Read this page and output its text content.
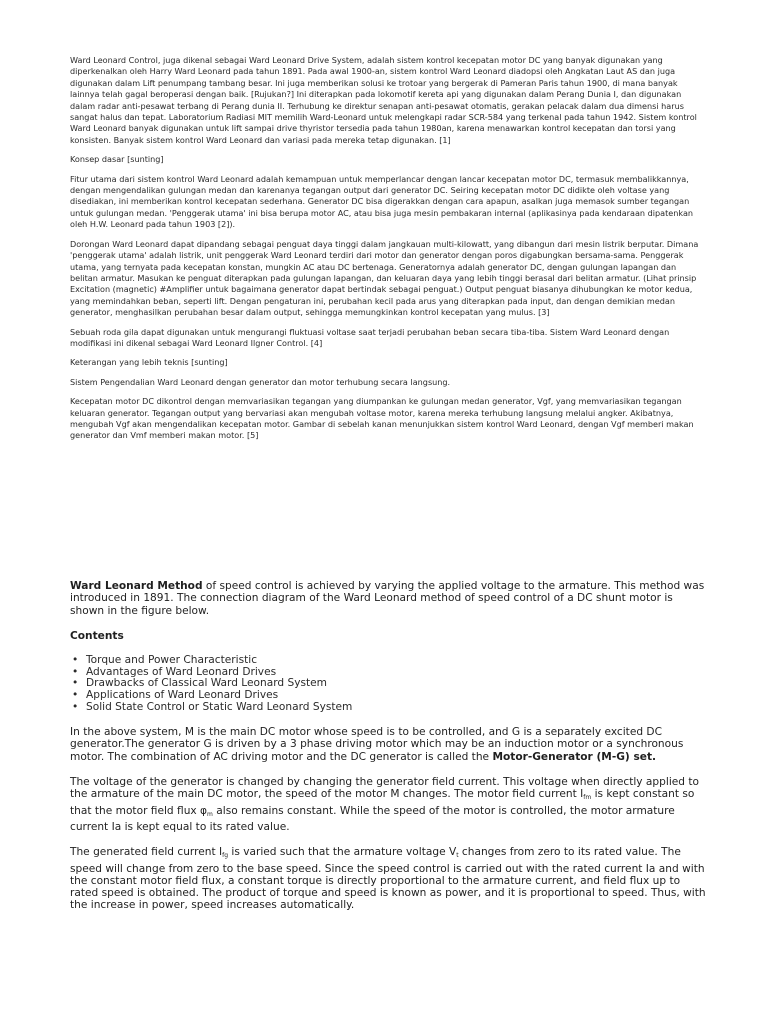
Ward Leonard Control, juga dikenal sebagai Ward Leonard Drive System, adalah sistem kontrol kecepatan motor DC yang banyak digunakan yang diperkenalkan oleh Harry Ward Leonard pada tahun 1891. Pada awal 1900-an, sistem kontrol Ward Leonard diadopsi oleh Angkatan Laut AS dan juga digunakan dalam Lift penumpang tambang besar. Ini juga memberikan solusi ke trotoar yang bergerak di Pameran Paris tahun 1900, di mana banyak lainnya telah gagal beroperasi dengan baik. [Rujukan?] Ini diterapkan pada lokomotif kereta api yang digunakan dalam Perang Dunia I, dan digunakan dalam radar anti-pesawat terbang di Perang dunia II. Terhubung ke direktur senapan anti-pesawat otomatis, gerakan pelacak dalam dua dimensi harus sangat halus dan tepat. Laboratorium Radiasi MIT memilih Ward-Leonard untuk melengkapi radar SCR-584 yang terkenal pada tahun 1942. Sistem kontrol Ward Leonard banyak digunakan untuk lift sampai drive thyristor tersedia pada tahun 1980an, karena menawarkan kontrol kecepatan dan torsi yang konsisten. Banyak sistem kontrol Ward Leonard dan variasi pada mereka tetap digunakan. [1]

Konsep dasar [sunting]

Fitur utama dari sistem kontrol Ward Leonard adalah kemampuan untuk memperlancar dengan lancar kecepatan motor DC, termasuk membalikkannya, dengan mengendalikan gulungan medan dan karenanya tegangan output dari generator DC. Seiring kecepatan motor DC didikte oleh voltase yang disediakan, ini memberikan kontrol kecepatan sederhana. Generator DC bisa digerakkan dengan cara apapun, asalkan juga memasok sumber tegangan untuk gulungan medan. 'Penggerak utama' ini bisa berupa motor AC, atau bisa juga mesin pembakaran internal (aplikasinya pada kendaraan dipatenkan oleh H.W. Leonard pada tahun 1903 [2]).

Dorongan Ward Leonard dapat dipandang sebagai penguat daya tinggi dalam jangkauan multi-kilowatt, yang dibangun dari mesin listrik berputar. Dimana 'penggerak utama' adalah listrik, unit penggerak Ward Leonard terdiri dari motor dan generator dengan poros digabungkan bersama-sama. Penggerak utama, yang ternyata pada kecepatan konstan, mungkin AC atau DC bertenaga. Generatornya adalah generator DC, dengan gulungan lapangan dan belitan armatur. Masukan ke penguat diterapkan pada gulungan lapangan, dan keluaran daya yang lebih tinggi berasal dari belitan armatur. (Lihat prinsip Excitation (magnetic) #Amplifier untuk bagaimana generator dapat bertindak sebagai penguat.) Output penguat biasanya dihubungkan ke motor kedua, yang memindahkan beban, seperti lift. Dengan pengaturan ini, perubahan kecil pada arus yang diterapkan pada input, dan dengan demikian medan generator, menghasilkan perubahan besar dalam output, sehingga memungkinkan kontrol kecepatan yang mulus. [3]

Sebuah roda gila dapat digunakan untuk mengurangi fluktuasi voltase saat terjadi perubahan beban secara tiba-tiba. Sistem Ward Leonard dengan modifikasi ini dikenal sebagai Ward Leonard Ilgner Control. [4]

Keterangan yang lebih teknis [sunting]

Sistem Pengendalian Ward Leonard dengan generator dan motor terhubung secara langsung.

Kecepatan motor DC dikontrol dengan memvariasikan tegangan yang diumpankan ke gulungan medan generator, Vgf, yang memvariasikan tegangan keluaran generator. Tegangan output yang bervariasi akan mengubah voltase motor, karena mereka terhubung langsung melalui angker. Akibatnya, mengubah Vgf akan mengendalikan kecepatan motor. Gambar di sebelah kanan menunjukkan sistem kontrol Ward Leonard, dengan Vgf memberi makan generator dan Vmf memberi makan motor. [5]

Ward Leonard Method of speed control is achieved by varying the applied voltage to the armature. This method was introduced in 1891. The connection diagram of the Ward Leonard method of speed control of a DC shunt motor is shown in the figure below.

Contents

• Torque and Power Characteristic
• Advantages of Ward Leonard Drives
• Drawbacks of Classical Ward Leonard System
• Applications of Ward Leonard Drives
• Solid State Control or Static Ward Leonard System

In the above system, M is the main DC motor whose speed is to be controlled, and G is a separately excited DC generator.The generator G is driven by a 3 phase driving motor which may be an induction motor or a synchronous motor. The combination of AC driving motor and the DC generator is called the Motor-Generator (M-G) set.

The voltage of the generator is changed by changing the generator field current. This voltage when directly applied to the armature of the main DC motor, the speed of the motor M changes. The motor field current $I_{fm}$ is kept constant so that the motor field flux $\varphi_m$ also remains constant. While the speed of the motor is controlled, the motor armature current Ia is kept equal to its rated value.

The generated field current $I_{fg}$ is varied such that the armature voltage $V_t$ changes from zero to its rated value. The speed will change from zero to the base speed. Since the speed control is carried out with the rated current Ia and with the constant motor field flux, a constant torque is directly proportional to the armature current, and field flux up to rated speed is obtained. The product of torque and speed is known as power, and it is proportional to speed. Thus, with the increase in power, speed increases automatically.
